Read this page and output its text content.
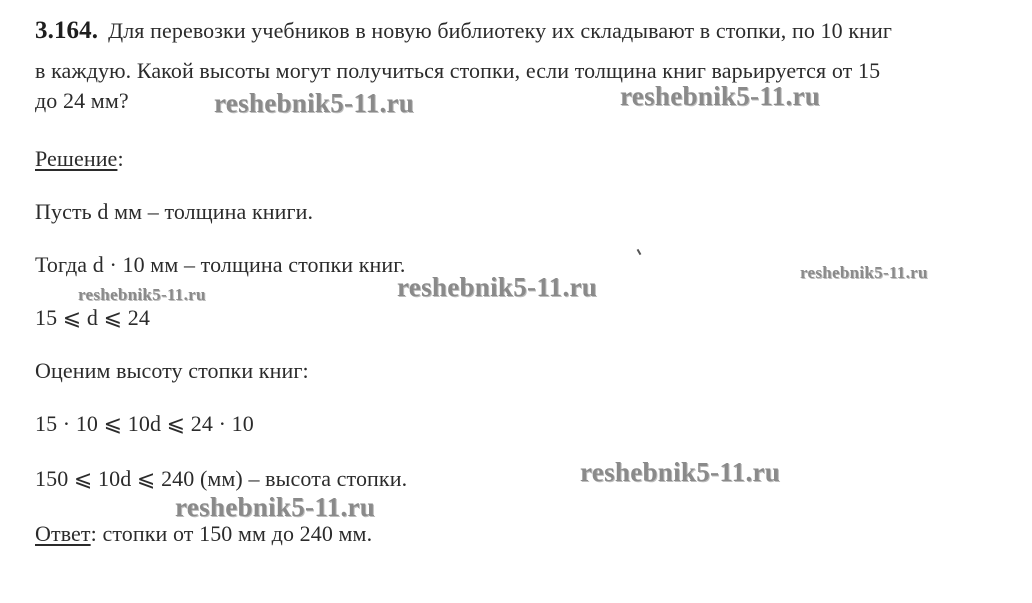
3.164. Для перевозки учебников в новую библиотеку их складывают в стопки, по 10 книг
в каждую. Какой высоты могут получиться стопки, если толщина книг варьируется от 15
до 24 мм?
Решение:
Пусть d мм – толщина книги.
Тогда d · 10 мм – толщина стопки книг.
15 ⩽ d ⩽ 24
Оценим высоту стопки книг:
15 · 10 ⩽ 10d ⩽ 24 · 10
150 ⩽ 10d ⩽ 240 (мм) – высота стопки.
Ответ: стопки от 150 мм до 240 мм.
reshebnik5-11.ru	reshebnik5-11.ru
reshebnik5-11.ru
reshebnik5-11.ru
reshebnik5-11.ru
reshebnik5-11.ru
reshebnik5-11.ru
